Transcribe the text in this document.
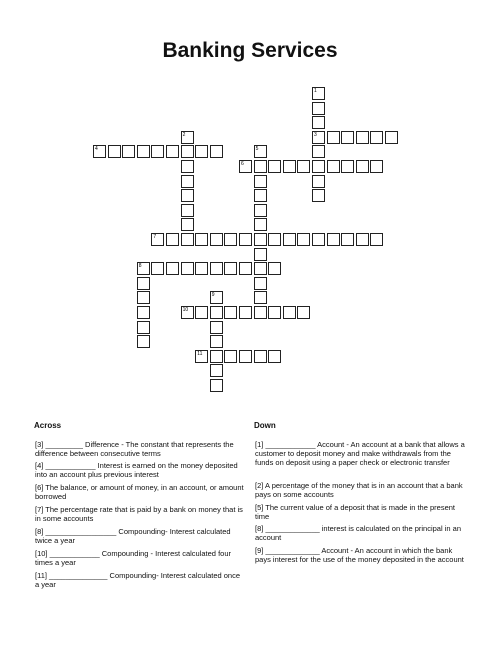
Banking Services
1
3
2
4	5
6
7
8
9
10
11
Across	Down

[3] _________ Difference - The constant that represents the difference between consecutive terms

[4] ____________ Interest is earned on the money deposited into an account plus previous interest

[6] The balance, or amount of money, in an account, or amount borrowed

[7] The percentage rate that is paid by a bank on money that is in some accounts

[8] _________________ Compounding- Interest calculated twice a year

[10] ____________ Compounding - Interest calculated four times a year

[11] ______________ Compounding- Interest calculated once a year

[1] ____________ Account - An account at a bank that allows a customer to deposit money and make withdrawals from the funds on deposit using a paper check or electronic transfer

[2] A percentage of the money that is in an account that a bank pays on some accounts

[5] The current value of a deposit that is made in the present time

[8] _____________ interest is calculated on the principal in an account

[9] _____________ Account - An account in which the bank pays interest for the use of the money deposited in the account
